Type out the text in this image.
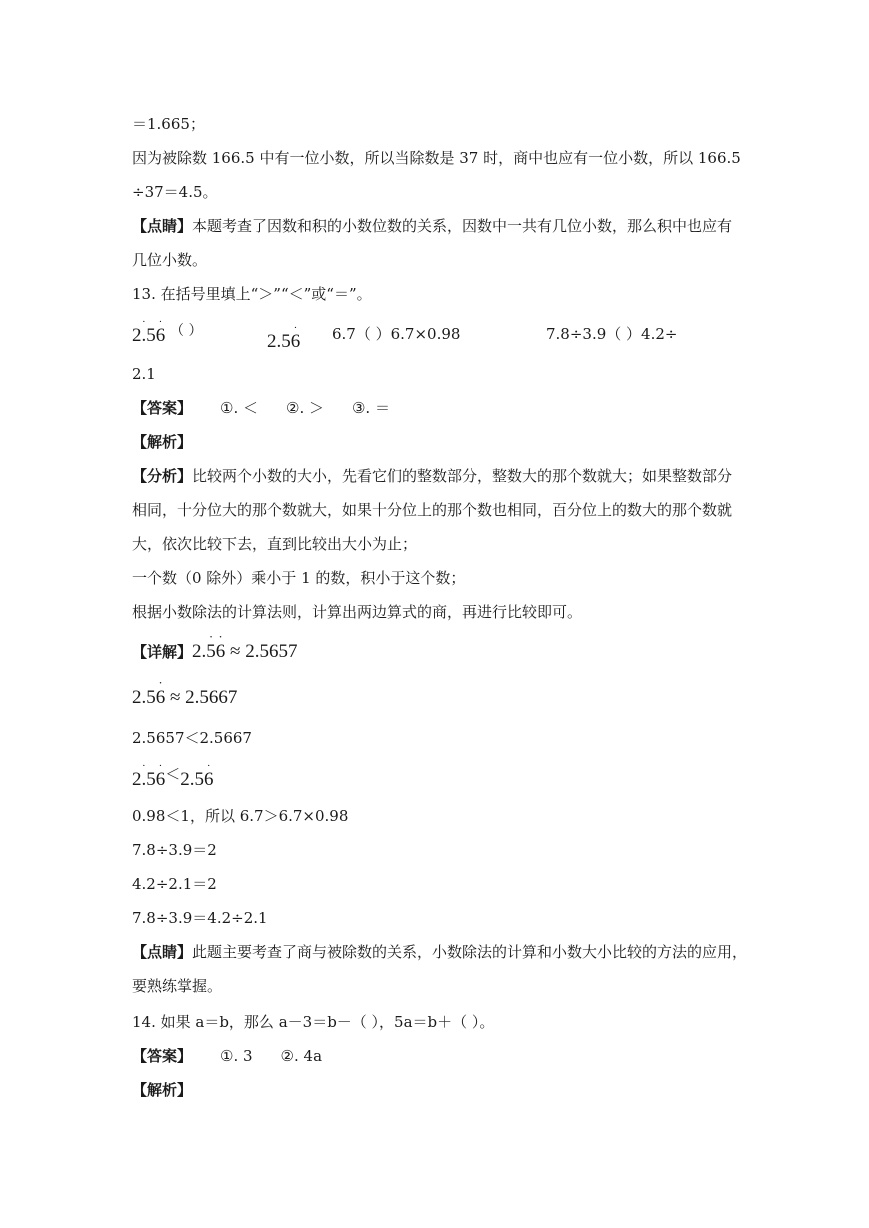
＝1.665；
因为被除数 166.5 中有一位小数，所以当除数是 37 时，商中也应有一位小数，所以 166.5
÷37＝4.5。
【点睛】本题考查了因数和积的小数位数的关系，因数中一共有几位小数，那么积中也应有
几位小数。
13. 在括号里填上“＞”“＜”或“＝”。
· 2.5· 6 （ ）	2.5· 6 6.7（ ）6.7×0.98	7.8÷3.9（ ）4.2÷
2.1
【答案】 ①. ＜ ②. ＞ ③. ＝
【解析】
【分析】比较两个小数的大小，先看它们的整数部分，整数大的那个数就大；如果整数部分
相同，十分位大的那个数就大，如果十分位上的那个数也相同，百分位上的数大的那个数就
大，依次比较下去，直到比较出大小为止；
一个数（0 除外）乘小于 1 的数，积小于这个数；
根据小数除法的计算法则，计算出两边算式的商，再进行比较即可。
【详解】2.· 5· 6 ≈ 2.5657
2.5· 6 ≈ 2.5667
2.5657＜2.5667
· 2.5· 6＜2.5· 6
0.98＜1，所以 6.7＞6.7×0.98
7.8÷3.9＝2
4.2÷2.1＝2
7.8÷3.9＝4.2÷2.1
【点睛】此题主要考查了商与被除数的关系，小数除法的计算和小数大小比较的方法的应用，
要熟练掌握。
14. 如果 a＝b，那么 a－3＝b－（ ），5a＝b＋（ ）。
【答案】 ①. 3 ②. 4a
【解析】
